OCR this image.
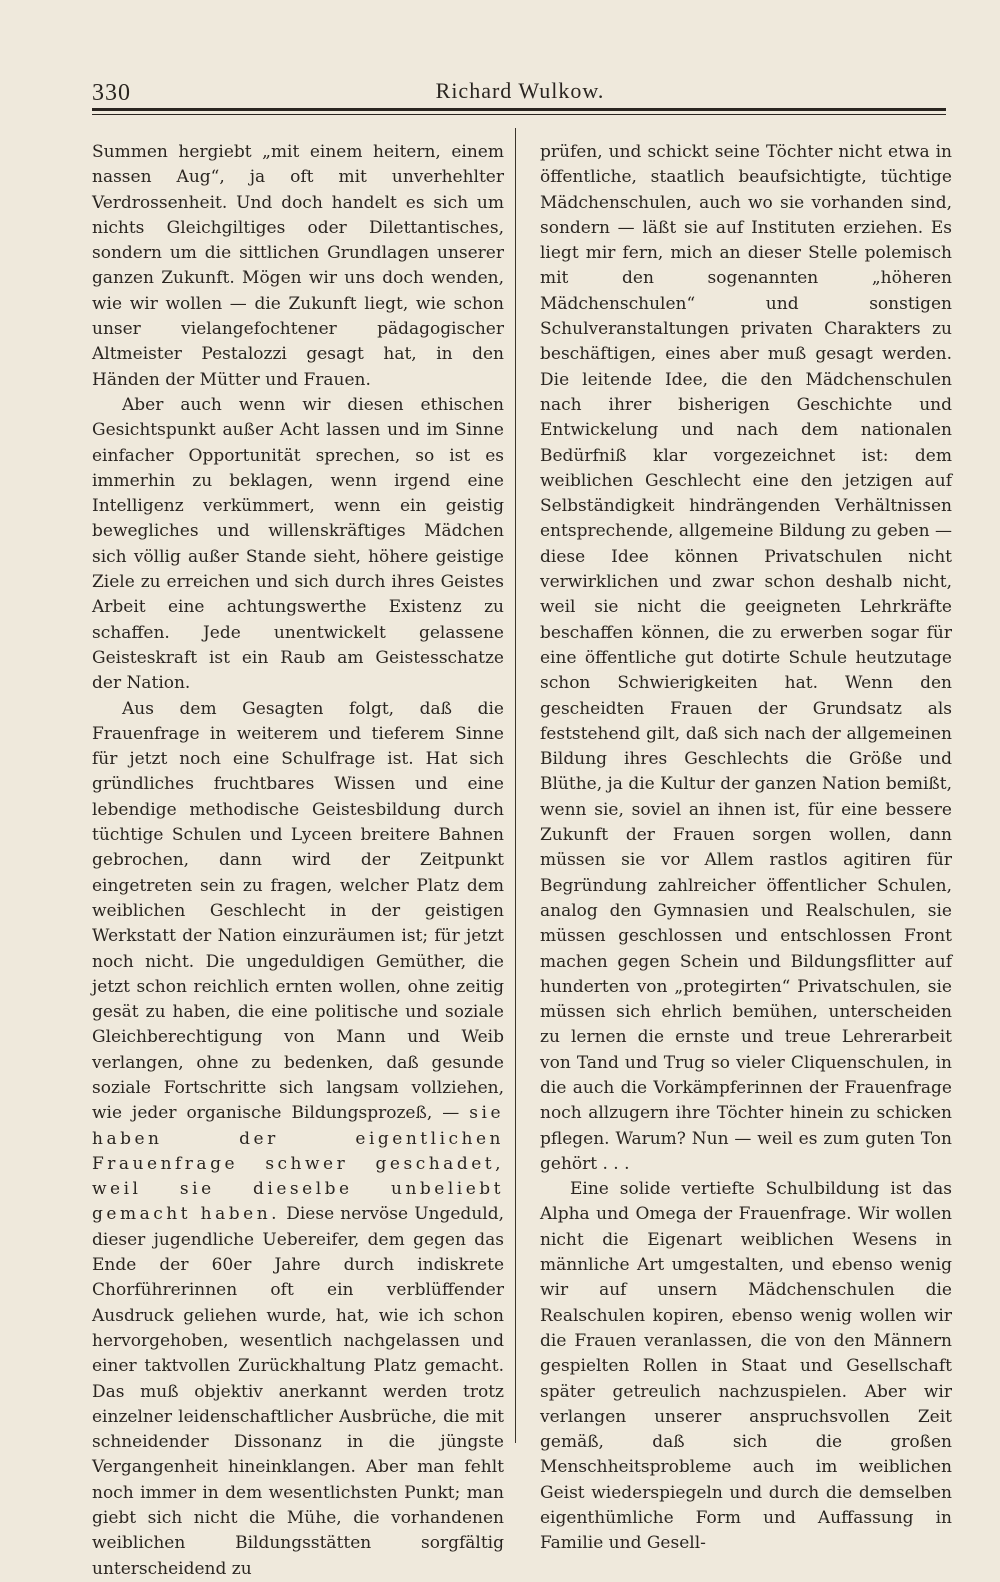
330	Richard Wulkow.

Summen hergiebt „mit einem heitern, einem nassen Aug“, ja oft mit unverhehlter Verdrossenheit. Und doch handelt es sich um nichts Gleichgiltiges oder Dilettantisches, sondern um die sittlichen Grundlagen unserer ganzen Zukunft. Mögen wir uns doch wenden, wie wir wollen — die Zukunft liegt, wie schon unser vielangefochtener pädagogischer Altmeister Pestalozzi gesagt hat, in den Händen der Mütter und Frauen.

Aber auch wenn wir diesen ethischen Gesichtspunkt außer Acht lassen und im Sinne einfacher Opportunität sprechen, so ist es immerhin zu beklagen, wenn irgend eine Intelligenz verkümmert, wenn ein geistig bewegliches und willenskräftiges Mädchen sich völlig außer Stande sieht, höhere geistige Ziele zu erreichen und sich durch ihres Geistes Arbeit eine achtungswerthe Existenz zu schaffen. Jede unentwickelt gelassene Geisteskraft ist ein Raub am Geistesschatze der Nation.

Aus dem Gesagten folgt, daß die Frauenfrage in weiterem und tieferem Sinne für jetzt noch eine Schulfrage ist. Hat sich gründliches fruchtbares Wissen und eine lebendige methodische Geistesbildung durch tüchtige Schulen und Lyceen breitere Bahnen gebrochen, dann wird der Zeitpunkt eingetreten sein zu fragen, welcher Platz dem weiblichen Geschlecht in der geistigen Werkstatt der Nation einzuräumen ist; für jetzt noch nicht. Die ungeduldigen Gemüther, die jetzt schon reichlich ernten wollen, ohne zeitig gesät zu haben, die eine politische und soziale Gleichberechtigung von Mann und Weib verlangen, ohne zu bedenken, daß gesunde soziale Fortschritte sich langsam vollziehen, wie jeder organische Bildungsprozeß, — sie haben der eigentlichen Frauenfrage schwer geschadet, weil sie dieselbe unbeliebt gemacht haben. Diese nervöse Ungeduld, dieser jugendliche Uebereifer, dem gegen das Ende der 60er Jahre durch indiskrete Chorführerinnen oft ein verblüffender Ausdruck geliehen wurde, hat, wie ich schon hervorgehoben, wesentlich nachgelassen und einer taktvollen Zurückhaltung Platz gemacht. Das muß objektiv anerkannt werden trotz einzelner leidenschaftlicher Ausbrüche, die mit schneidender Dissonanz in die jüngste Vergangenheit hineinklangen. Aber man fehlt noch immer in dem wesentlichsten Punkt; man giebt sich nicht die Mühe, die vorhandenen weiblichen Bildungsstätten sorgfältig unterscheidend zu

prüfen, und schickt seine Töchter nicht etwa in öffentliche, staatlich beaufsichtigte, tüchtige Mädchenschulen, auch wo sie vorhanden sind, sondern — läßt sie auf Instituten erziehen. Es liegt mir fern, mich an dieser Stelle polemisch mit den sogenannten „höheren Mädchenschulen“ und sonstigen Schulveranstaltungen privaten Charakters zu beschäftigen, eines aber muß gesagt werden. Die leitende Idee, die den Mädchenschulen nach ihrer bisherigen Geschichte und Entwickelung und nach dem nationalen Bedürfniß klar vorgezeichnet ist: dem weiblichen Geschlecht eine den jetzigen auf Selbständigkeit hindrängenden Verhältnissen entsprechende, allgemeine Bildung zu geben — diese Idee können Privatschulen nicht verwirklichen und zwar schon deshalb nicht, weil sie nicht die geeigneten Lehrkräfte beschaffen können, die zu erwerben sogar für eine öffentliche gut dotirte Schule heutzutage schon Schwierigkeiten hat. Wenn den gescheidten Frauen der Grundsatz als feststehend gilt, daß sich nach der allgemeinen Bildung ihres Geschlechts die Größe und Blüthe, ja die Kultur der ganzen Nation bemißt, wenn sie, soviel an ihnen ist, für eine bessere Zukunft der Frauen sorgen wollen, dann müssen sie vor Allem rastlos agitiren für Begründung zahlreicher öffentlicher Schulen, analog den Gymnasien und Realschulen, sie müssen geschlossen und entschlossen Front machen gegen Schein und Bildungsflitter auf hunderten von „protegirten“ Privatschulen, sie müssen sich ehrlich bemühen, unterscheiden zu lernen die ernste und treue Lehrerarbeit von Tand und Trug so vieler Cliquenschulen, in die auch die Vorkämpferinnen der Frauenfrage noch allzugern ihre Töchter hinein zu schicken pflegen. Warum? Nun — weil es zum guten Ton gehört . . .

Eine solide vertiefte Schulbildung ist das Alpha und Omega der Frauenfrage. Wir wollen nicht die Eigenart weiblichen Wesens in männliche Art umgestalten, und ebenso wenig wir auf unsern Mädchenschulen die Realschulen kopiren, ebenso wenig wollen wir die Frauen veranlassen, die von den Männern gespielten Rollen in Staat und Gesellschaft später getreulich nachzuspielen. Aber wir verlangen unserer anspruchsvollen Zeit gemäß, daß sich die großen Menschheitsprobleme auch im weiblichen Geist wiederspiegeln und durch die demselben eigenthümliche Form und Auffassung in Familie und Gesell-
